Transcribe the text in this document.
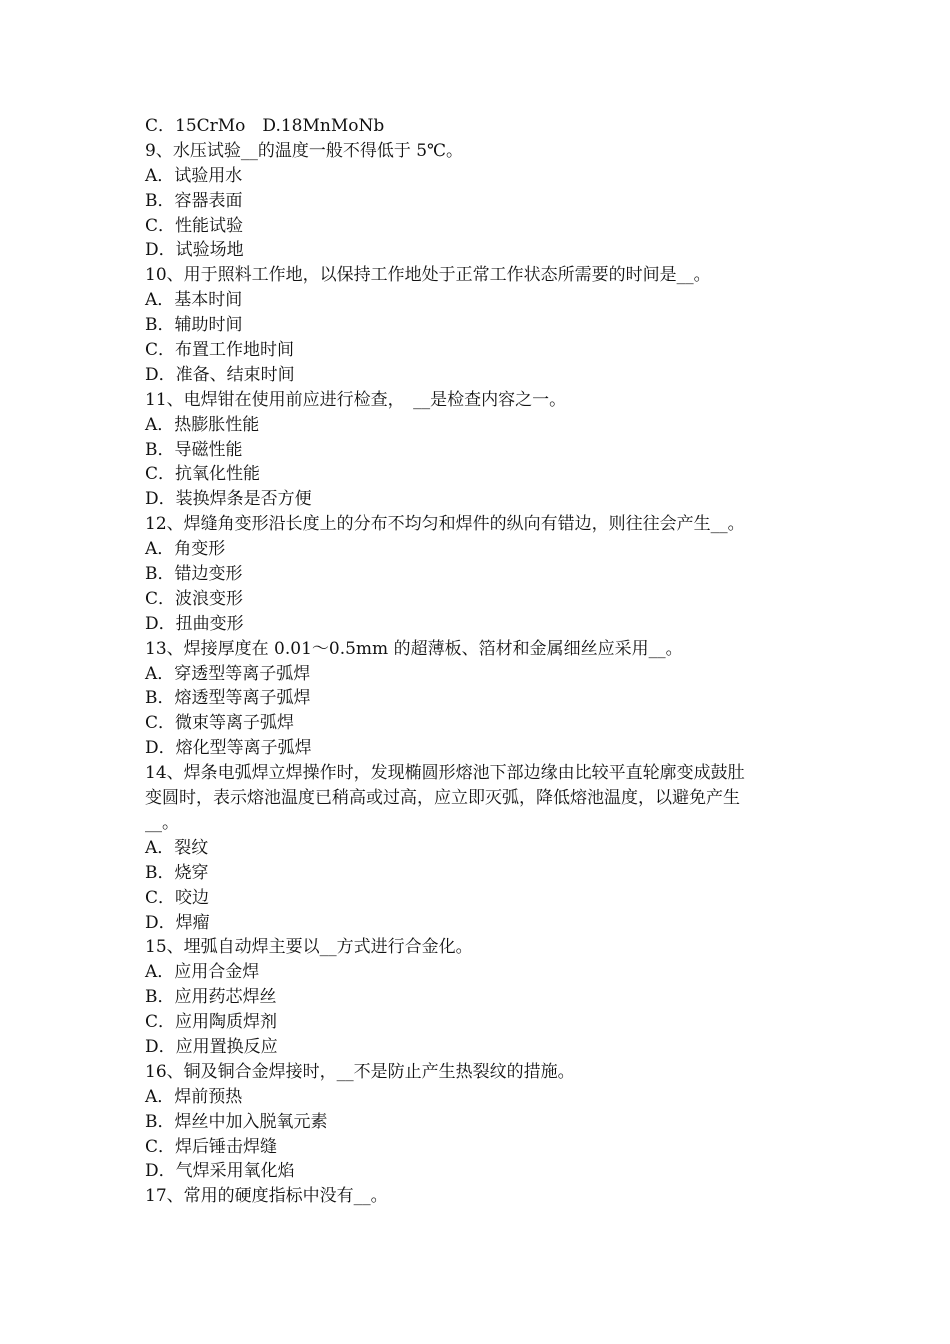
C．15CrMo　D.18MnMoNb
9、水压试验__的温度一般不得低于 5℃。
A．试验用水
B．容器表面
C．性能试验
D．试验场地
10、用于照料工作地，以保持工作地处于正常工作状态所需要的时间是__。
A．基本时间
B．辅助时间
C．布置工作地时间
D．准备、结束时间
11、电焊钳在使用前应进行检查，　__是检查内容之一。
A．热膨胀性能
B．导磁性能
C．抗氧化性能
D．装换焊条是否方便
12、焊缝角变形沿长度上的分布不均匀和焊件的纵向有错边，则往往会产生__。
A．角变形
B．错边变形
C．波浪变形
D．扭曲变形
13、焊接厚度在 0.01～0.5mm 的超薄板、箔材和金属细丝应采用__。
A．穿透型等离子弧焊
B．熔透型等离子弧焊
C．微束等离子弧焊
D．熔化型等离子弧焊
14、焊条电弧焊立焊操作时，发现椭圆形熔池下部边缘由比较平直轮廓变成鼓肚
变圆时，表示熔池温度已稍高或过高，应立即灭弧，降低熔池温度，以避免产生
__。
A．裂纹
B．烧穿
C．咬边
D．焊瘤
15、埋弧自动焊主要以__方式进行合金化。
A．应用合金焊
B．应用药芯焊丝
C．应用陶质焊剂
D．应用置换反应
16、铜及铜合金焊接时，__不是防止产生热裂纹的措施。
A．焊前预热
B．焊丝中加入脱氧元素
C．焊后锤击焊缝
D．气焊采用氧化焰
17、常用的硬度指标中没有__。
